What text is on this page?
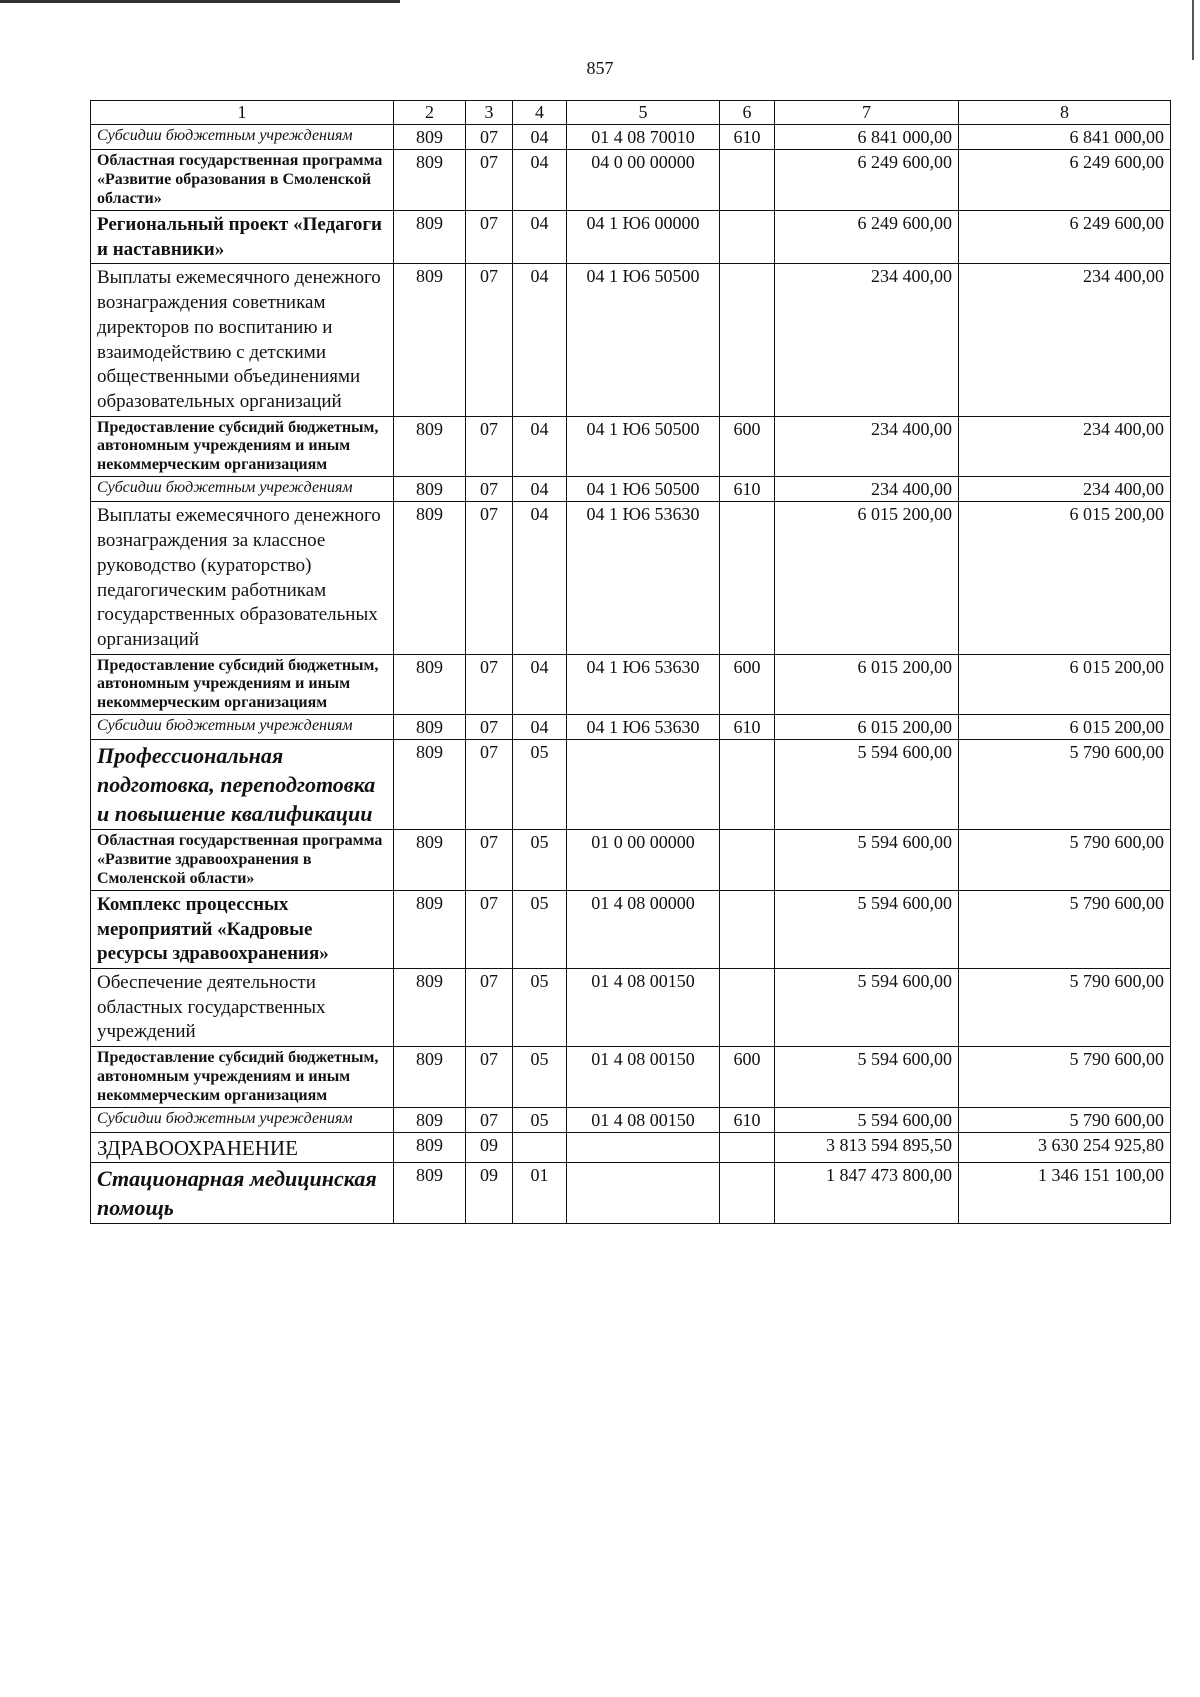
857
1	2	3	4	5	6	7	8
Субсидии бюджетным учреждениям	809	07	04	01 4 08 70010	610	6 841 000,00	6 841 000,00
Областная государственная программа «Развитие образования в Смоленской области»	809	07	04	04 0 00 00000		6 249 600,00	6 249 600,00
Региональный проект «Педагоги и наставники»	809	07	04	04 1 Ю6 00000		6 249 600,00	6 249 600,00
Выплаты ежемесячного денежного вознаграждения советникам директоров по воспитанию и взаимодействию с детскими общественными объединениями образовательных организаций	809	07	04	04 1 Ю6 50500		234 400,00	234 400,00
Предоставление субсидий бюджетным, автономным учреждениям и иным некоммерческим организациям	809	07	04	04 1 Ю6 50500	600	234 400,00	234 400,00
Субсидии бюджетным учреждениям	809	07	04	04 1 Ю6 50500	610	234 400,00	234 400,00
Выплаты ежемесячного денежного вознаграждения за классное руководство (кураторство) педагогическим работникам государственных образовательных организаций	809	07	04	04 1 Ю6 53630		6 015 200,00	6 015 200,00
Предоставление субсидий бюджетным, автономным учреждениям и иным некоммерческим организациям	809	07	04	04 1 Ю6 53630	600	6 015 200,00	6 015 200,00
Субсидии бюджетным учреждениям	809	07	04	04 1 Ю6 53630	610	6 015 200,00	6 015 200,00
Профессиональная подготовка, переподготовка и повышение квалификации	809	07	05			5 594 600,00	5 790 600,00
Областная государственная программа «Развитие здравоохранения в Смоленской области»	809	07	05	01 0 00 00000		5 594 600,00	5 790 600,00
Комплекс процессных мероприятий «Кадровые ресурсы здравоохранения»	809	07	05	01 4 08 00000		5 594 600,00	5 790 600,00
Обеспечение деятельности областных государственных учреждений	809	07	05	01 4 08 00150		5 594 600,00	5 790 600,00
Предоставление субсидий бюджетным, автономным учреждениям и иным некоммерческим организациям	809	07	05	01 4 08 00150	600	5 594 600,00	5 790 600,00
Субсидии бюджетным учреждениям	809	07	05	01 4 08 00150	610	5 594 600,00	5 790 600,00
ЗДРАВООХРАНЕНИЕ	809	09				3 813 594 895,50	3 630 254 925,80
Стационарная медицинская помощь	809	09	01			1 847 473 800,00	1 346 151 100,00
